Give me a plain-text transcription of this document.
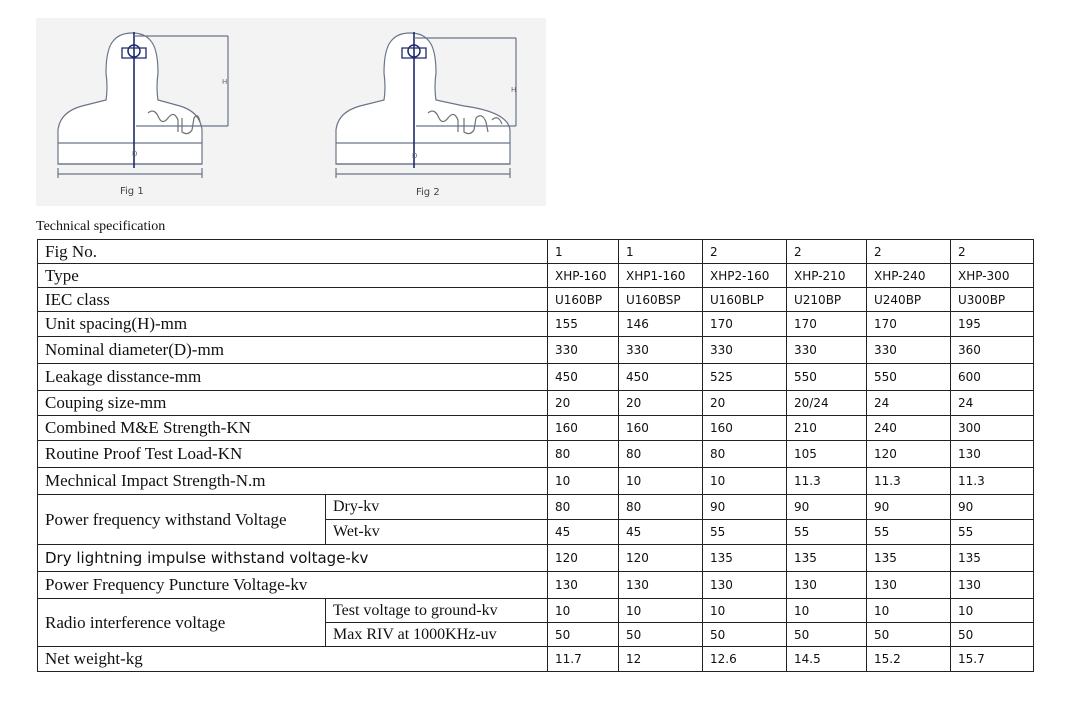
H
D
H
D
Fig 1	Fig 2
Technical specification
Fig No.		1	1	2	2	2	2
Type		XHP-160	XHP1-160	XHP2-160	XHP-210	XHP-240	XHP-300
IEC class		U160BP	U160BSP	U160BLP	U210BP	U240BP	U300BP
Unit spacing(H)-mm		155	146	170	170	170	195
Nominal diameter(D)-mm		330	330	330	330	330	360
Leakage disstance-mm		450	450	525	550	550	600
Couping size-mm		20	20	20	20/24	24	24
Combined M&E Strength-KN		160	160	160	210	240	300
Routine Proof Test Load-KN		80	80	80	105	120	130
Mechnical Impact Strength-N.m		10	10	10	11.3	11.3	11.3
Power frequency withstand Voltage	Dry-kv	80	80	90	90	90	90
	Wet-kv	45	45	55	55	55	55
Dry lightning impulse withstand voltage-kv		120	120	135	135	135	135
Power Frequency Puncture Voltage-kv		130	130	130	130	130	130
Radio interference voltage	Test voltage to ground-kv	10	10	10	10	10	10
	Max RIV at 1000KHz-uv	50	50	50	50	50	50
Net weight-kg		11.7	12	12.6	14.5	15.2	15.7
